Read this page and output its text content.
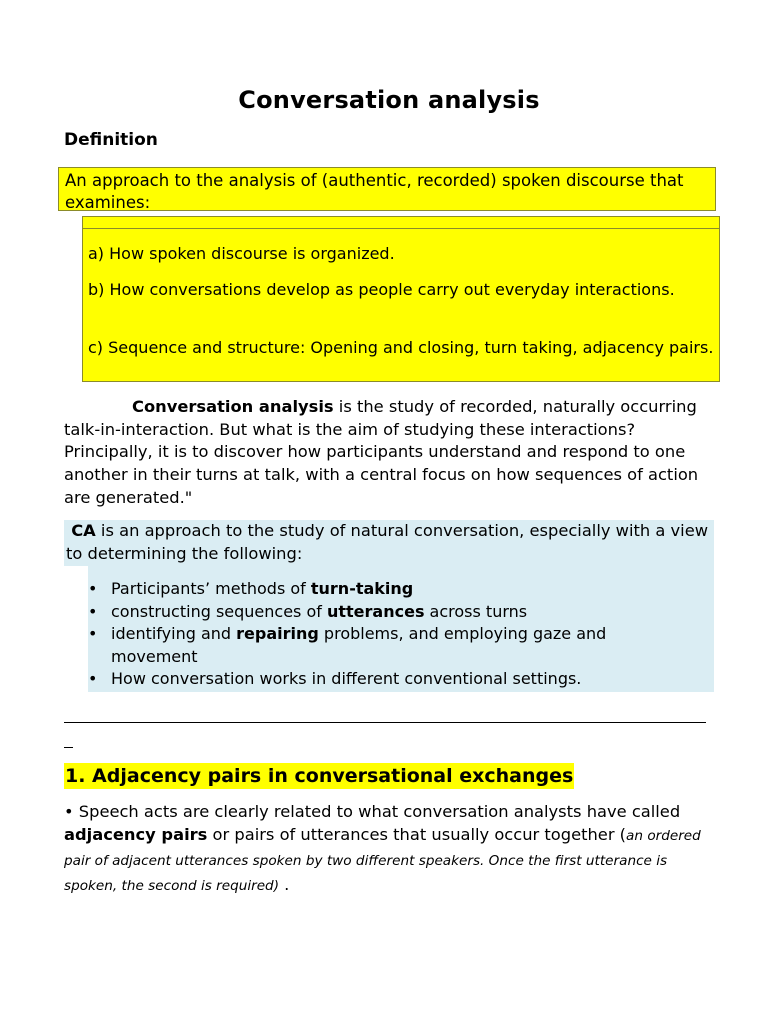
Conversation analysis
Definition
An approach to the analysis of (authentic, recorded) spoken discourse that examines:
a) How spoken discourse is organized.
b) How conversations develop as people carry out everyday interactions.
c) Sequence and structure: Opening and closing, turn taking, adjacency pairs.
Conversation analysis is the study of recorded, naturally occurring talk-in-interaction. But what is the aim of studying these interactions? Principally, it is to discover how participants understand and respond to one another in their turns at talk, with a central focus on how sequences of action are generated."
CA is an approach to the study of natural conversation, especially with a view to determining the following:
• Participants’ methods of turn-taking
• constructing sequences of utterances across turns
• identifying and repairing problems, and employing gaze and movement
• How conversation works in different conventional settings.
1. Adjacency pairs in conversational exchanges
• Speech acts are clearly related to what conversation analysts have called adjacency pairs or pairs of utterances that usually occur together (an ordered pair of adjacent utterances spoken by two different speakers. Once the first utterance is spoken, the second is required) .
